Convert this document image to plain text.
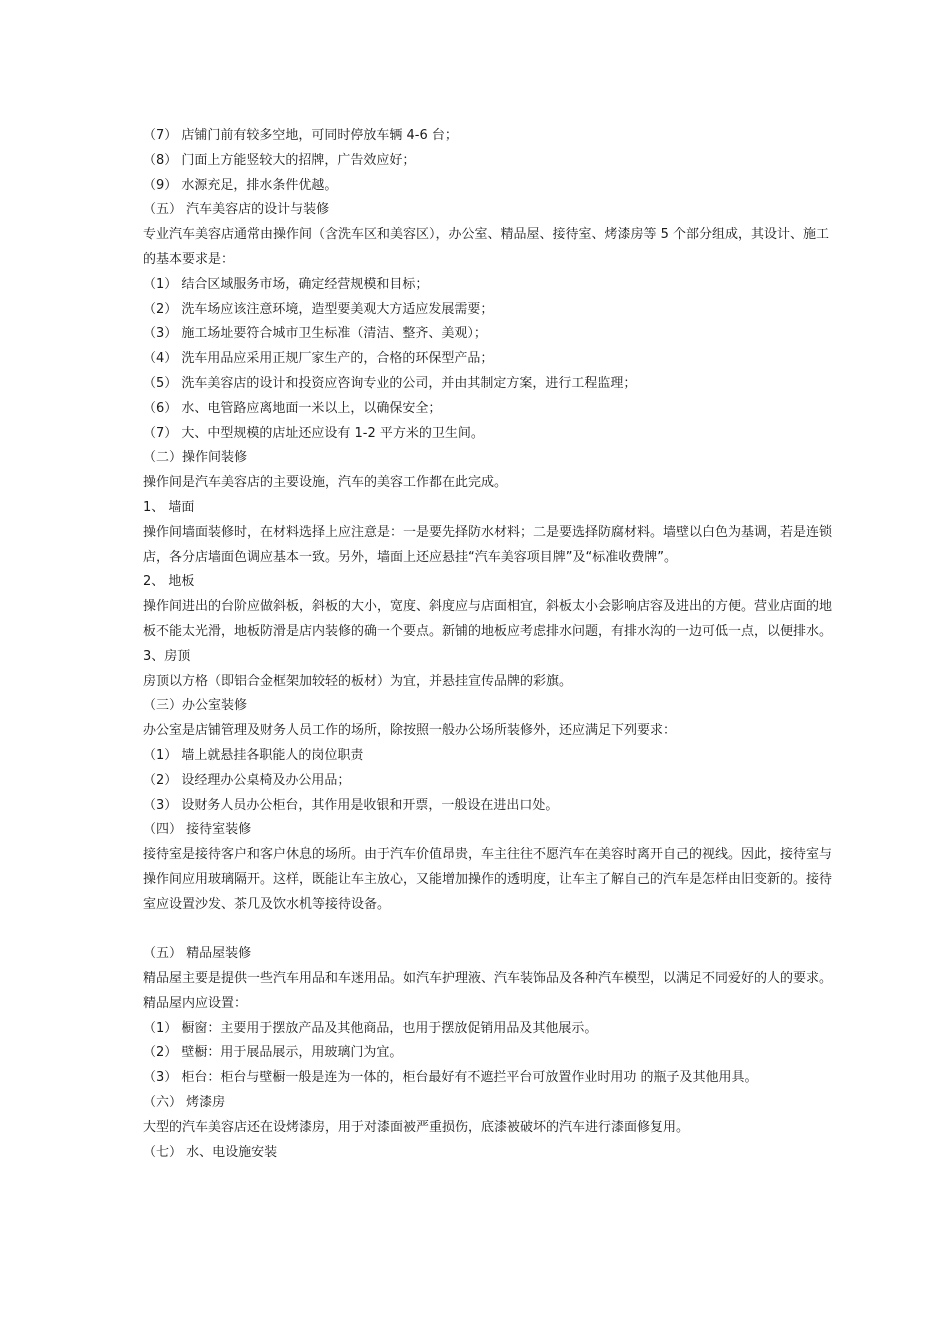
（7） 店铺门前有较多空地，可同时停放车辆 4-6 台；

（8） 门面上方能竖较大的招牌，广告效应好；

（9） 水源充足，排水条件优越。

（五） 汽车美容店的设计与装修

专业汽车美容店通常由操作间（含洗车区和美容区），办公室、精品屋、接待室、烤漆房等 5 个部分组成，其设计、施工的基本要求是：

（1） 结合区域服务市场，确定经营规模和目标；

（2） 洗车场应该注意环境，造型要美观大方适应发展需要；

（3） 施工场址要符合城市卫生标准（清洁、整齐、美观）；

（4） 洗车用品应采用正规厂家生产的，合格的环保型产品；

（5） 洗车美容店的设计和投资应咨询专业的公司，并由其制定方案，进行工程监理；

（6） 水、电管路应离地面一米以上，以确保安全；

（7） 大、中型规模的店址还应设有 1-2 平方米的卫生间。

（二）操作间装修

操作间是汽车美容店的主要设施，汽车的美容工作都在此完成。

1、 墙面

操作间墙面装修时，在材料选择上应注意是：一是要先择防水材料；二是要选择防腐材料。墙壁以白色为基调，若是连锁店，各分店墙面色调应基本一致。另外，墙面上还应悬挂“汽车美容项目牌”及“标准收费牌”。

2、 地板

操作间进出的台阶应做斜板，斜板的大小，宽度、斜度应与店面相宜，斜板太小会影响店容及进出的方便。营业店面的地板不能太光滑，地板防滑是店内装修的确一个要点。新铺的地板应考虑排水问题，有排水沟的一边可低一点，以便排水。

3、房顶

房顶以方格（即铝合金框架加较轻的板材）为宜，并悬挂宣传品牌的彩旗。

（三）办公室装修

办公室是店铺管理及财务人员工作的场所，除按照一般办公场所装修外，还应满足下列要求：

（1） 墙上就悬挂各职能人的岗位职责

（2） 设经理办公桌椅及办公用品；

（3） 设财务人员办公柜台，其作用是收银和开票，一般设在进出口处。

（四） 接待室装修

接待室是接待客户和客户休息的场所。由于汽车价值昂贵，车主往往不愿汽车在美容时离开自己的视线。因此，接待室与操作间应用玻璃隔开。这样，既能让车主放心，又能增加操作的透明度，让车主了解自己的汽车是怎样由旧变新的。接待室应设置沙发、茶几及饮水机等接待设备。

（五） 精品屋装修

精品屋主要是提供一些汽车用品和车迷用品。如汽车护理液、汽车装饰品及各种汽车模型，以满足不同爱好的人的要求。精品屋内应设置：

（1） 橱窗：主要用于摆放产品及其他商品，也用于摆放促销用品及其他展示。

（2） 壁橱：用于展品展示，用玻璃门为宜。

（3） 柜台：柜台与壁橱一般是连为一体的，柜台最好有不遮拦平台可放置作业时用功 的瓶子及其他用具。

（六） 烤漆房

大型的汽车美容店还在设烤漆房，用于对漆面被严重损伤，底漆被破坏的汽车进行漆面修复用。

（七） 水、电设施安装
